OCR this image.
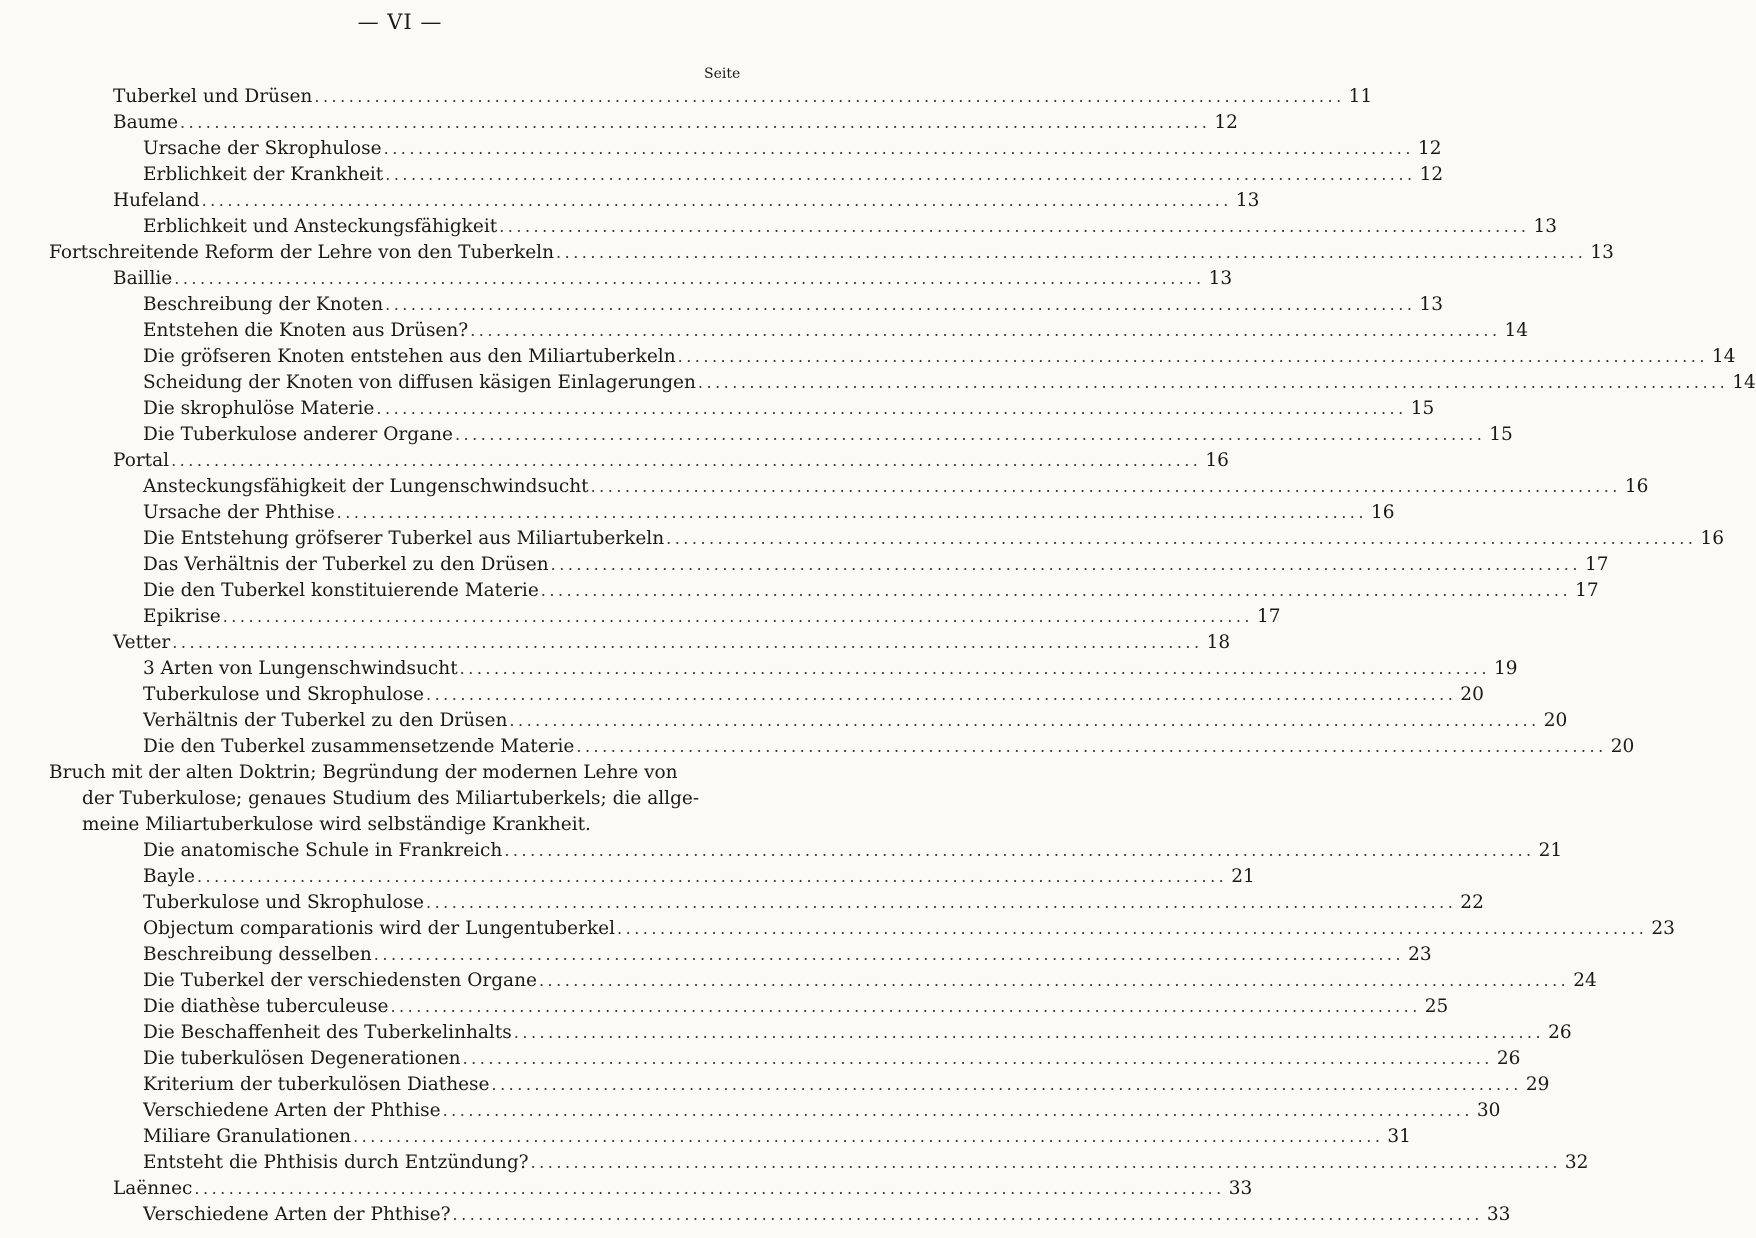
— VI —
Seite
Tuberkel und Drüsen ........................................................................................................................ 11
Baume ........................................................................................................................ 12
Ursache der Skrophulose ........................................................................................................................ 12
Erblichkeit der Krankheit ........................................................................................................................ 12
Hufeland ........................................................................................................................ 13
Erblichkeit und Ansteckungsfähigkeit ........................................................................................................................ 13
Fortschreitende Reform der Lehre von den Tuberkeln ........................................................................................................................ 13
Baillie ........................................................................................................................ 13
Beschreibung der Knoten ........................................................................................................................ 13
Entstehen die Knoten aus Drüsen? ........................................................................................................................ 14
Die gröfseren Knoten entstehen aus den Miliartuberkeln ........................................................................................................................ 14
Scheidung der Knoten von diffusen käsigen Einlagerungen ........................................................................................................................ 14
Die skrophulöse Materie ........................................................................................................................ 15
Die Tuberkulose anderer Organe ........................................................................................................................ 15
Portal ........................................................................................................................ 16
Ansteckungsfähigkeit der Lungenschwindsucht ........................................................................................................................ 16
Ursache der Phthise ........................................................................................................................ 16
Die Entstehung gröfserer Tuberkel aus Miliartuberkeln ........................................................................................................................ 16
Das Verhältnis der Tuberkel zu den Drüsen ........................................................................................................................ 17
Die den Tuberkel konstituierende Materie ........................................................................................................................ 17
Epikrise ........................................................................................................................ 17
Vetter ........................................................................................................................ 18
3 Arten von Lungenschwindsucht ........................................................................................................................ 19
Tuberkulose und Skrophulose ........................................................................................................................ 20
Verhältnis der Tuberkel zu den Drüsen ........................................................................................................................ 20
Die den Tuberkel zusammensetzende Materie ........................................................................................................................ 20
Bruch mit der alten Doktrin; Begründung der modernen Lehre von
der Tuberkulose; genaues Studium des Miliartuberkels; die allge-
meine Miliartuberkulose wird selbständige Krankheit.
Die anatomische Schule in Frankreich ........................................................................................................................ 21
Bayle ........................................................................................................................ 21
Tuberkulose und Skrophulose ........................................................................................................................ 22
Objectum comparationis wird der Lungentuberkel ........................................................................................................................ 23
Beschreibung desselben ........................................................................................................................ 23
Die Tuberkel der verschiedensten Organe ........................................................................................................................ 24
Die diathèse tuberculeuse ........................................................................................................................ 25
Die Beschaffenheit des Tuberkelinhalts ........................................................................................................................ 26
Die tuberkulösen Degenerationen ........................................................................................................................ 26
Kriterium der tuberkulösen Diathese ........................................................................................................................ 29
Verschiedene Arten der Phthise ........................................................................................................................ 30
Miliare Granulationen ........................................................................................................................ 31
Entsteht die Phthisis durch Entzündung? ........................................................................................................................ 32
Laënnec ........................................................................................................................ 33
Verschiedene Arten der Phthise? ........................................................................................................................ 33
